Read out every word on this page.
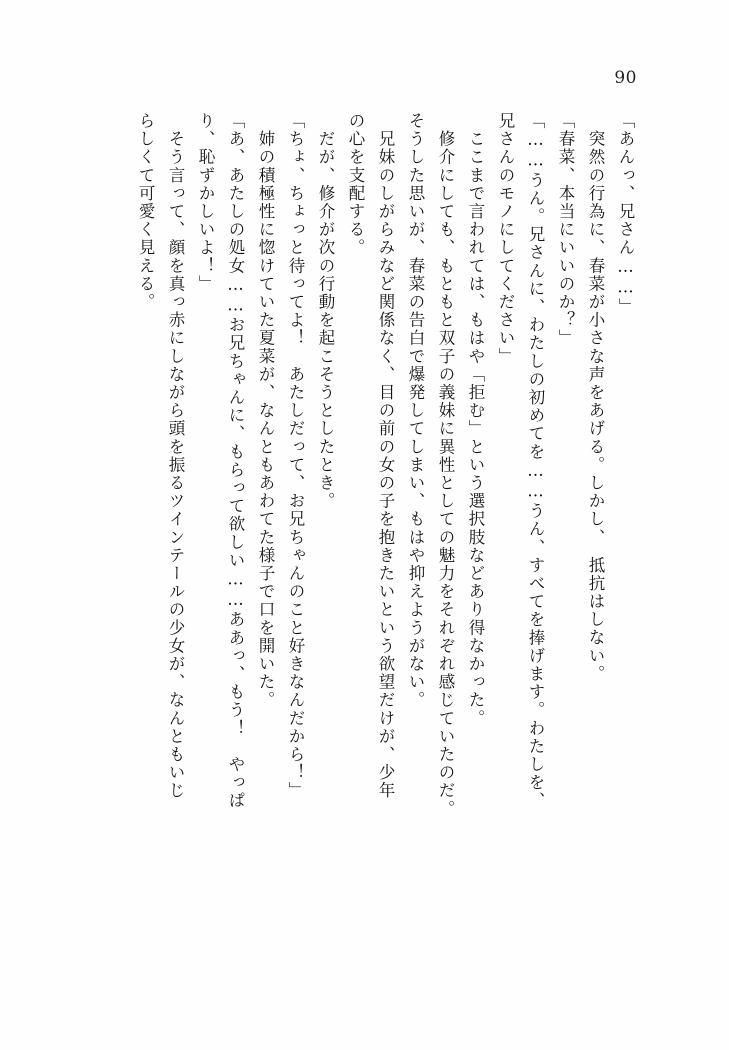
90
「あんっ、兄さん……」
　突然の行為に、春菜が小さな声をあげる。しかし、　抵抗はしない。
「春菜、本当にいいのか？」
「……うん。兄さんに、わたしの初めてを……うん、すべてを捧げます。わたしを、
兄さんのモノにしてください」
　ここまで言われては、もはや「拒む」という選択肢などあり得なかった。
　修介にしても、もともと双子の義妹に異性としての魅力をそれぞれ感じていたのだ。
そうした思いが、春菜の告白で爆発してしまい、もはや抑えようがない。
　兄妹のしがらみなど関係なく、目の前の女の子を抱きたいという欲望だけが、少年
の心を支配する。
　だが、修介が次の行動を起こそうとしたとき。
「ちょ、ちょっと待ってよ！　あたしだって、お兄ちゃんのこと好きなんだから！」
　姉の積極性に惚けていた夏菜が、なんともあわてた様子で口を開いた。
「あ、あたしの処女……お兄ちゃんに、もらって欲しい……ああっ、もう！　やっぱ
り、恥ずかしいよ！」
　そう言って、顔を真っ赤にしながら頭を振るツインテールの少女が、なんともいじ
らしくて可愛く見える。
